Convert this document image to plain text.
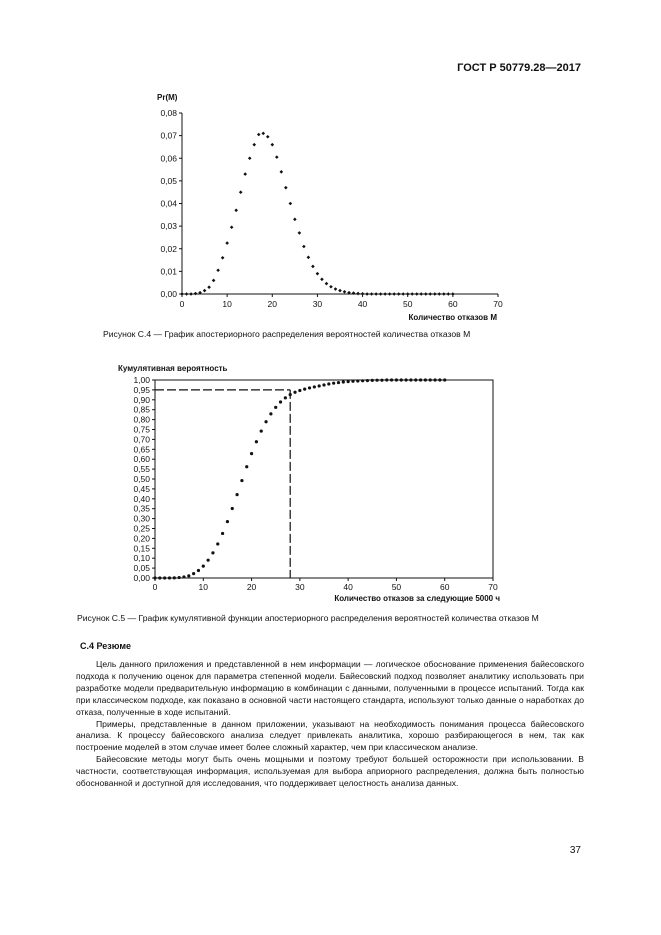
ГОСТ Р 50779.28—2017
Pr(M)
Количество отказов M
0,00
0,01
0,02
0,03
0,04
0,05
0,06
0,07
0,08
0	10	20	30	40	50	60	70
Рисунок С.4 — График апостериорного распределения вероятностей количества отказов M
Кумулятивная вероятность
Количество отказов за следующие 5000 ч
0,00
0,05
0,10
0,15
0,20
0,25
0,30
0,35
0,40
0,45
0,50
0,55
0,60
0,65
0,70
0,75
0,80
0,85
0,90
0,95
1,00
0	10	20	30	40	50	60	70
Рисунок С.5 — График кумулятивной функции апостериорного распределения вероятностей количества отказов M
С.4 Резюме

Цель данного приложения и представленной в нем информации — логическое обоснование применения байесовского подхода к получению оценок для параметра степенной модели. Байесовский подход позволяет аналитику использовать при разработке модели предварительную информацию в комбинации с данными, полученными в процессе испытаний. Тогда как при классическом подходе, как показано в основной части настоящего стандарта, используют только данные о наработках до отказа, полученные в ходе испытаний.

Примеры, представленные в данном приложении, указывают на необходимость понимания процесса байесовского анализа. К процессу байесовского анализа следует привлекать аналитика, хорошо разбирающегося в нем, так как построение моделей в этом случае имеет более сложный характер, чем при классическом анализе.

Байесовские методы могут быть очень мощными и поэтому требуют большей осторожности при использовании. В частности, соответствующая информация, используемая для выбора априорного распределения, должна быть полностью обоснованной и доступной для исследования, что поддерживает целостность анализа данных.

37
